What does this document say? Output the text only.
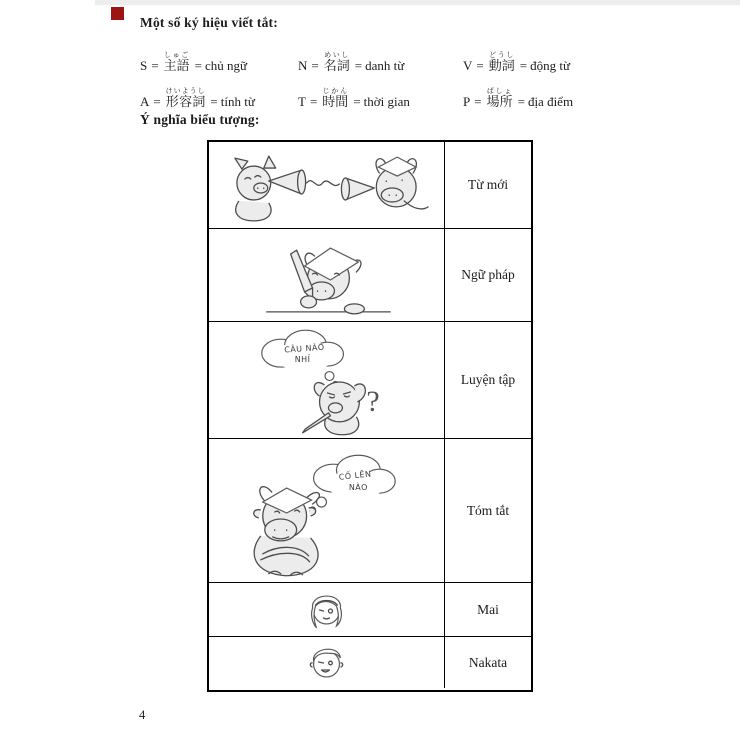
Một số ký hiệu viết tắt:
S = 主語しゅご= chủ ngữ	N = 名詞めいし= danh từ	V = 動詞どうし= động từ
A = 形容詞けいようし= tính từ	T = 時間じかん= thời gian	P = 場所ばしょ= địa điểm
Ý nghĩa biểu tượng:
Từ mới
Ngữ pháp
CÂU NÀO
NHỈ
?
Luyện tập
CỐ LÊN
NÀO
Tóm tắt
Mai
Nakata
4
